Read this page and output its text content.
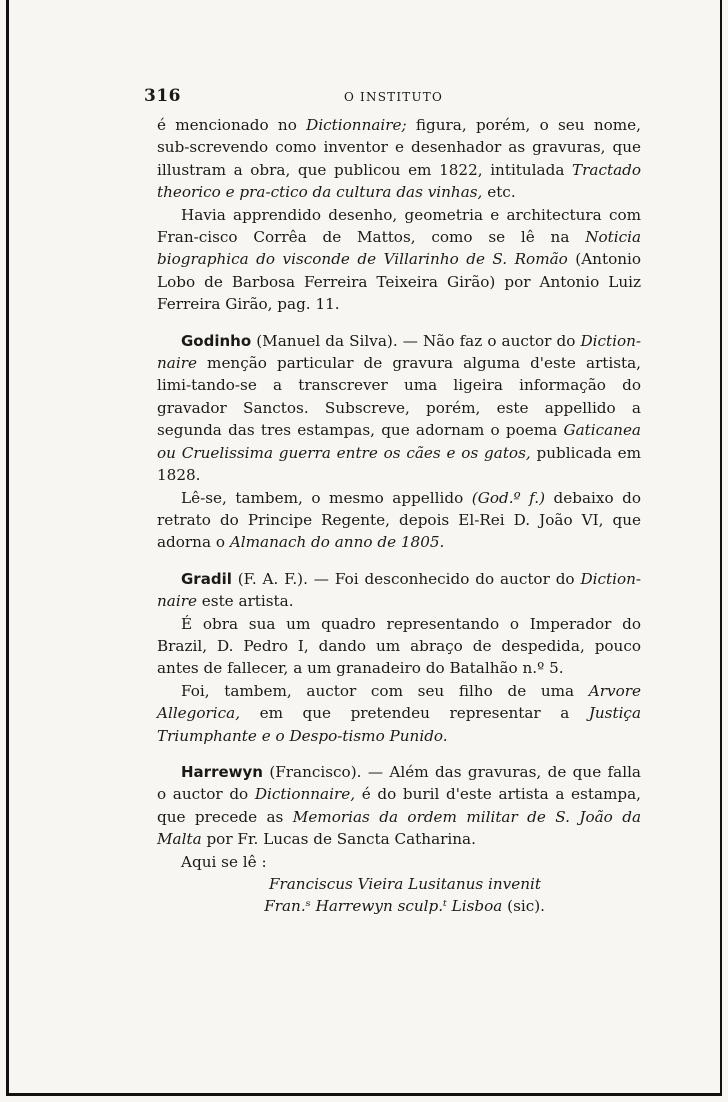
316	O INSTITUTO

é mencionado no Dictionnaire; figura, porém, o seu nome, sub-screvendo como inventor e desenhador as gravuras, que illustram a obra, que publicou em 1822, intitulada Tractado theorico e pra-ctico da cultura das vinhas, etc.

Havia apprendido desenho, geometria e architectura com Fran-cisco Corrêa de Mattos, como se lê na Noticia biographica do visconde de Villarinho de S. Romão (Antonio Lobo de Barbosa Ferreira Teixeira Girão) por Antonio Luiz Ferreira Girão, pag. 11.

Godinho (Manuel da Silva). — Não faz o auctor do Diction-naire menção particular de gravura alguma d'este artista, limi-tando-se a transcrever uma ligeira informação do gravador Sanctos. Subscreve, porém, este appellido a segunda das tres estampas, que adornam o poema Gaticanea ou Cruelissima guerra entre os cães e os gatos, publicada em 1828.

Lê-se, tambem, o mesmo appellido (God.º f.) debaixo do retrato do Principe Regente, depois El-Rei D. João VI, que adorna o Almanach do anno de 1805.

Gradil (F. A. F.). — Foi desconhecido do auctor do Diction-naire este artista.

É obra sua um quadro representando o Imperador do Brazil, D. Pedro I, dando um abraço de despedida, pouco antes de fallecer, a um granadeiro do Batalhão n.º 5.

Foi, tambem, auctor com seu filho de uma Arvore Allegorica, em que pretendeu representar a Justiça Triumphante e o Despo-tismo Punido.

Harrewyn (Francisco). — Além das gravuras, de que falla o auctor do Dictionnaire, é do buril d'este artista a estampa, que precede as Memorias da ordem militar de S. João da Malta por Fr. Lucas de Sancta Catharina.

Aqui se lê :

Franciscus Vieira Lusitanus invenit

Fran.ˢ Harrewyn sculp.ᵗ Lisboa (sic).
